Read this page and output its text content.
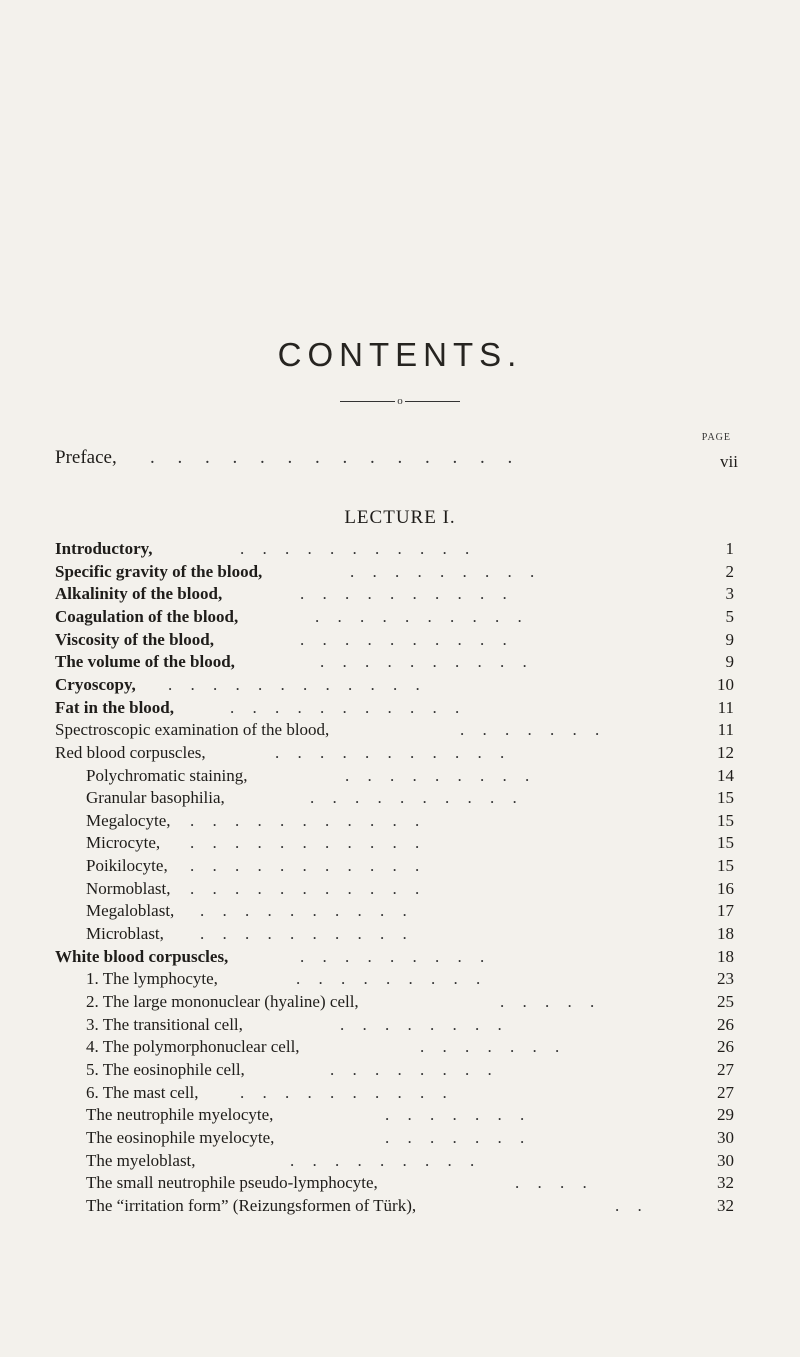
CONTENTS.
o
PAGE
Preface, . . . . . . . . . . . . . .	vii
LECTURE I.
Introductory,	. . . . . . . . . . .	1
Specific gravity of the blood,	. . . . . . . . .	2
Alkalinity of the blood,	. . . . . . . . . .	3
Coagulation of the blood,	. . . . . . . . . .	5
Viscosity of the blood,	. . . . . . . . . .	9
The volume of the blood,	. . . . . . . . . .	9
Cryoscopy, . . . . . . . . . . . .	10
Fat in the blood,	. . . . . . . . . . .	11
Spectroscopic examination of the blood,	. . . . . . .	11
Red blood corpuscles,	. . . . . . . . . . .	12
Polychromatic staining,	. . . . . . . . .	14
Granular basophilia,	. . . . . . . . . .	15
Megalocyte, . . . . . . . . . . .	15
Microcyte, . . . . . . . . . . .	15
Poikilocyte, . . . . . . . . . . .	15
Normoblast, . . . . . . . . . . .	16
Megaloblast, . . . . . . . . . .	17
Microblast, . . . . . . . . . .	18
White blood corpuscles,	. . . . . . . . .	18
1. The lymphocyte,	. . . . . . . . .	23
2. The large mononuclear (hyaline) cell,	. . . . .	25
3. The transitional cell,	. . . . . . . .	26
4. The polymorphonuclear cell,	. . . . . . .	26
5. The eosinophile cell,	. . . . . . . .	27
6. The mast cell, . . . . . . . . . .	27
The neutrophile myelocyte,	. . . . . . .	29
The eosinophile myelocyte,	. . . . . . .	30
The myeloblast,	. . . . . . . . .	30
The small neutrophile pseudo-lymphocyte,	. . . .	32
The “irritation form” (Reizungsformen of Türk),	. .	32
